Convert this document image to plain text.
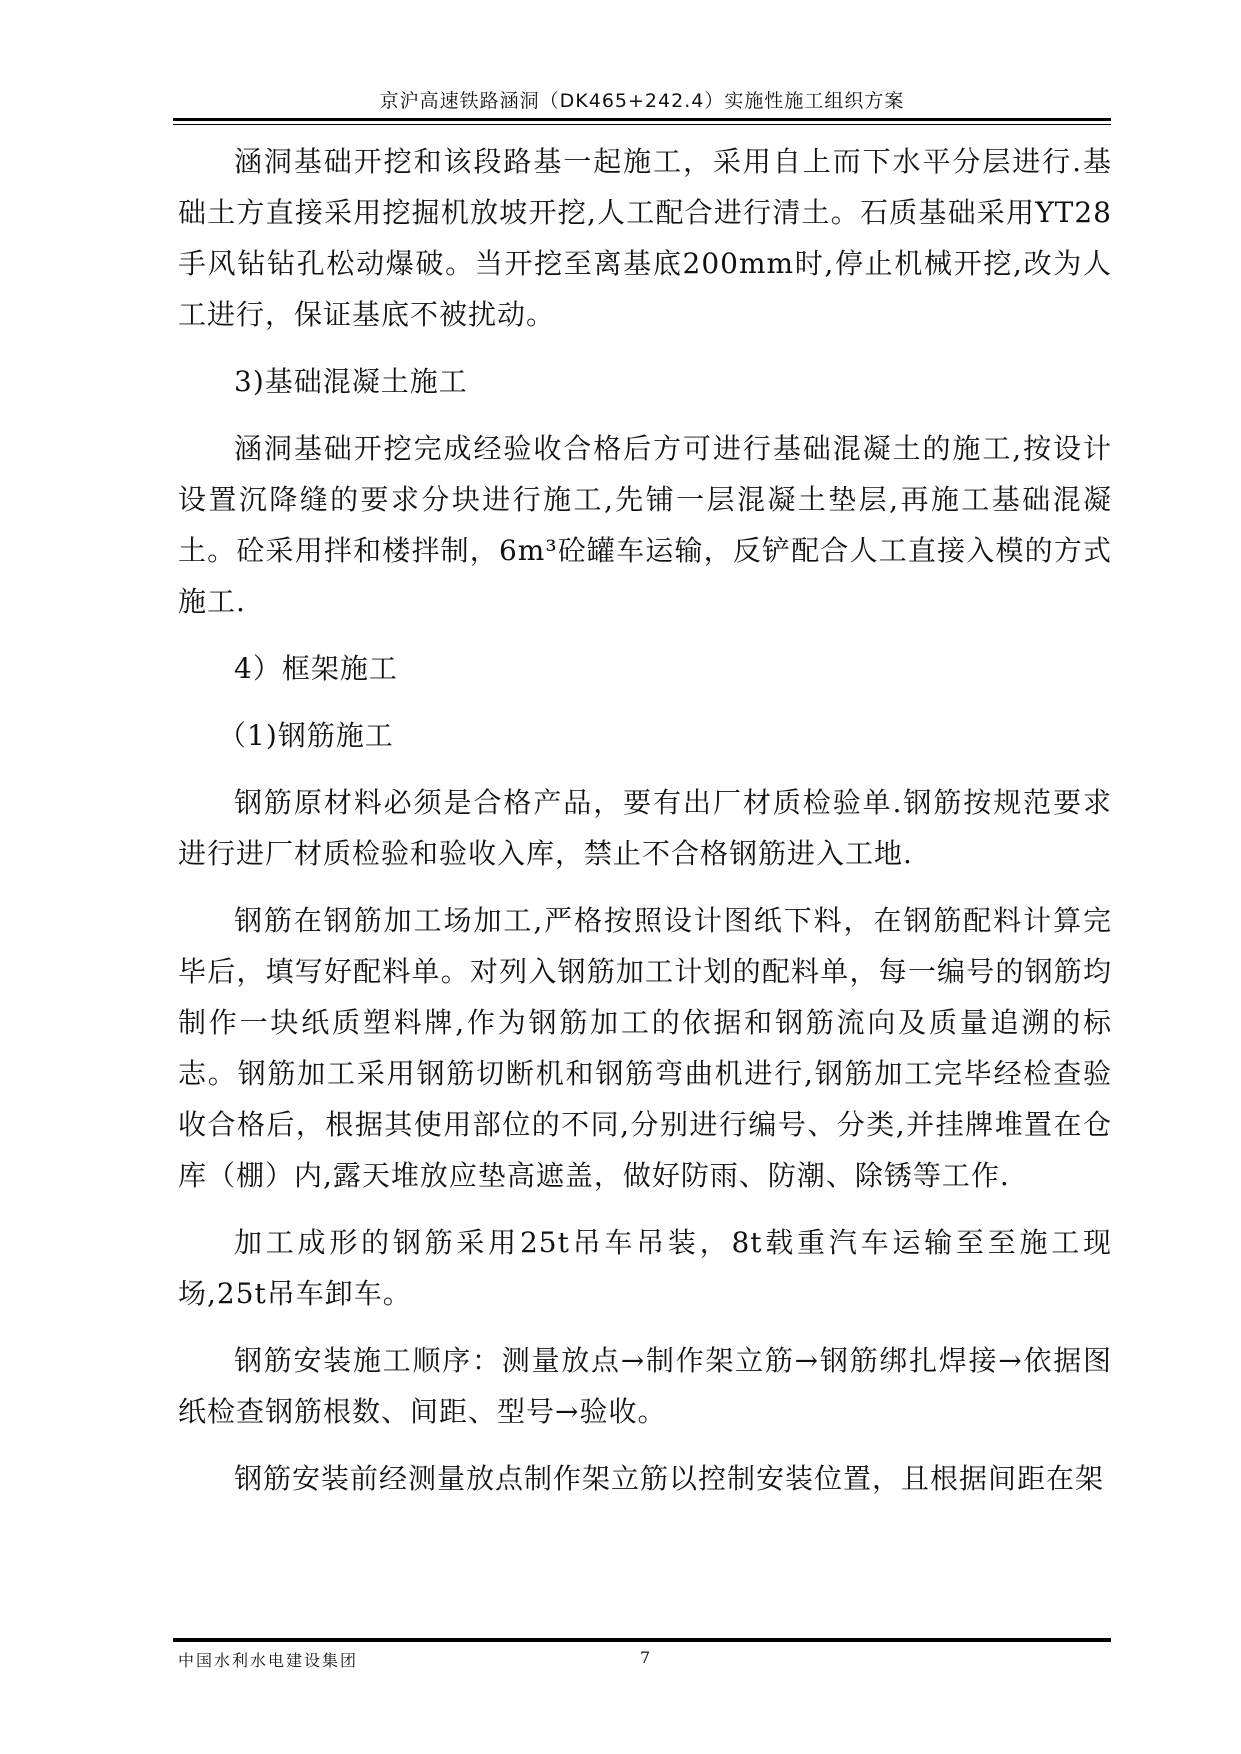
京沪高速铁路涵洞（DK465+242.4）实施性施工组织方案

涵洞基础开挖和该段路基一起施工，采用自上而下水平分层进行.基础土方直接采用挖掘机放坡开挖,人工配合进行清土。石质基础采用YT28手风钻钻孔松动爆破。当开挖至离基底200mm时,停止机械开挖,改为人工进行，保证基底不被扰动。

3)基础混凝土施工

涵洞基础开挖完成经验收合格后方可进行基础混凝土的施工,按设计设置沉降缝的要求分块进行施工,先铺一层混凝土垫层,再施工基础混凝土。砼采用拌和楼拌制，6m³砼罐车运输，反铲配合人工直接入模的方式施工.

4）框架施工

（1)钢筋施工

钢筋原材料必须是合格产品，要有出厂材质检验单.钢筋按规范要求进行进厂材质检验和验收入库，禁止不合格钢筋进入工地.

钢筋在钢筋加工场加工,严格按照设计图纸下料，在钢筋配料计算完毕后，填写好配料单。对列入钢筋加工计划的配料单，每一编号的钢筋均制作一块纸质塑料牌,作为钢筋加工的依据和钢筋流向及质量追溯的标志。钢筋加工采用钢筋切断机和钢筋弯曲机进行,钢筋加工完毕经检查验收合格后，根据其使用部位的不同,分别进行编号、分类,并挂牌堆置在仓库（棚）内,露天堆放应垫高遮盖，做好防雨、防潮、除锈等工作.

加工成形的钢筋采用25t吊车吊装，8t载重汽车运输至至施工现场,25t吊车卸车。

钢筋安装施工顺序：测量放点→制作架立筋→钢筋绑扎焊接→依据图纸检查钢筋根数、间距、型号→验收。

钢筋安装前经测量放点制作架立筋以控制安装位置，且根据间距在架

中国水利水电建设集团	7
